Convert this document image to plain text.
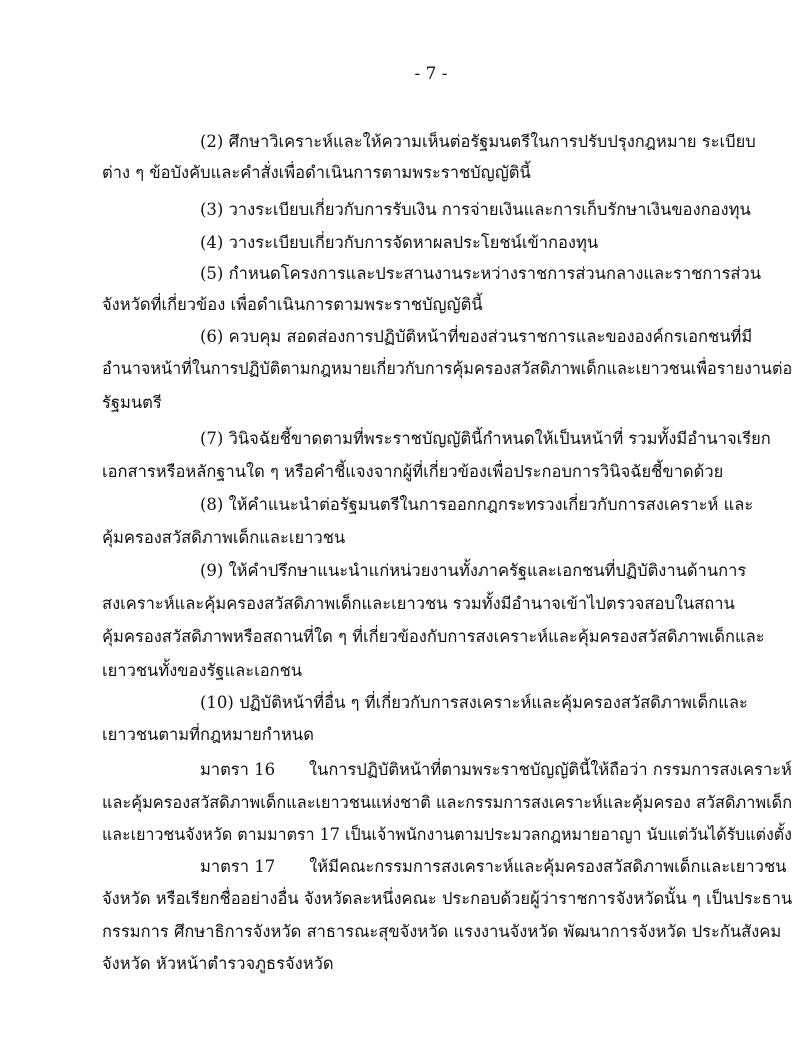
- 7 -
(2) ศึกษาวิเคราะห์และให้ความเห็นต่อรัฐมนตรีในการปรับปรุงกฎหมาย ระเบียบ
ต่าง ๆ ข้อบังคับและคำสั่งเพื่อดำเนินการตามพระราชบัญญัตินี้
(3) วางระเบียบเกี่ยวกับการรับเงิน การจ่ายเงินและการเก็บรักษาเงินของกองทุน
(4) วางระเบียบเกี่ยวกับการจัดหาผลประโยชน์เข้ากองทุน
(5) กำหนดโครงการและประสานงานระหว่างราชการส่วนกลางและราชการส่วน
จังหวัดที่เกี่ยวข้อง เพื่อดำเนินการตามพระราชบัญญัตินี้
(6) ควบคุม สอดส่องการปฏิบัติหน้าที่ของส่วนราชการและขององค์กรเอกชนที่มี
อำนาจหน้าที่ในการปฏิบัติตามกฎหมายเกี่ยวกับการคุ้มครองสวัสดิภาพเด็กและเยาวชนเพื่อรายงานต่อ
รัฐมนตรี
(7) วินิจฉัยชี้ขาดตามที่พระราชบัญญัตินี้กำหนดให้เป็นหน้าที่ รวมทั้งมีอำนาจเรียก
เอกสารหรือหลักฐานใด ๆ หรือคำชี้แจงจากผู้ที่เกี่ยวข้องเพื่อประกอบการวินิจฉัยชี้ขาดด้วย
(8) ให้คำแนะนำต่อรัฐมนตรีในการออกกฎกระทรวงเกี่ยวกับการสงเคราะห์ และ
คุ้มครองสวัสดิภาพเด็กและเยาวชน
(9) ให้คำปรึกษาแนะนำแก่หน่วยงานทั้งภาครัฐและเอกชนที่ปฏิบัติงานด้านการ
สงเคราะห์และคุ้มครองสวัสดิภาพเด็กและเยาวชน รวมทั้งมีอำนาจเข้าไปตรวจสอบในสถาน
คุ้มครองสวัสดิภาพหรือสถานที่ใด ๆ ที่เกี่ยวข้องกับการสงเคราะห์และคุ้มครองสวัสดิภาพเด็กและ
เยาวชนทั้งของรัฐและเอกชน
(10) ปฏิบัติหน้าที่อื่น ๆ ที่เกี่ยวกับการสงเคราะห์และคุ้มครองสวัสดิภาพเด็กและ
เยาวชนตามที่กฎหมายกำหนด
มาตรา 16 ในการปฏิบัติหน้าที่ตามพระราชบัญญัตินี้ให้ถือว่า กรรมการสงเคราะห์
และคุ้มครองสวัสดิภาพเด็กและเยาวชนแห่งชาติ และกรรมการสงเคราะห์และคุ้มครอง สวัสดิภาพเด็ก
และเยาวชนจังหวัด ตามมาตรา 17 เป็นเจ้าพนักงานตามประมวลกฎหมายอาญา นับแต่วันได้รับแต่งตั้ง
มาตรา 17 ให้มีคณะกรรมการสงเคราะห์และคุ้มครองสวัสดิภาพเด็กและเยาวชน
จังหวัด หรือเรียกชื่ออย่างอื่น จังหวัดละหนึ่งคณะ ประกอบด้วยผู้ว่าราชการจังหวัดนั้น ๆ เป็นประธาน
กรรมการ ศึกษาธิการจังหวัด สาธารณะสุขจังหวัด แรงงานจังหวัด พัฒนาการจังหวัด ประกันสังคม
จังหวัด หัวหน้าตำรวจภูธรจังหวัด
